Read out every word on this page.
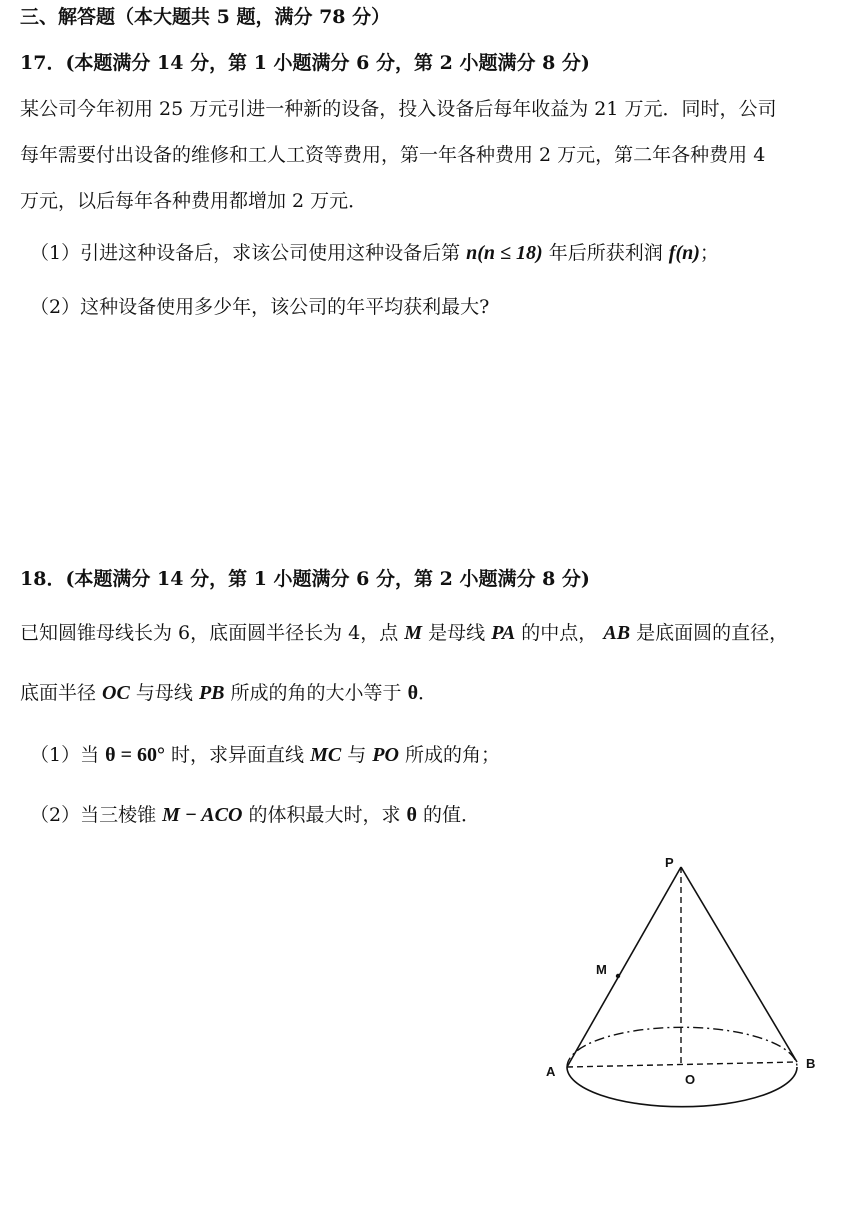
三、解答题（本大题共 5 题，满分 78 分）
17．(本题满分 14 分，第 1 小题满分 6 分，第 2 小题满分 8 分)
某公司今年初用 25 万元引进一种新的设备，投入设备后每年收益为 21 万元．同时，公司
每年需要付出设备的维修和工人工资等费用，第一年各种费用 2 万元，第二年各种费用 4
万元，以后每年各种费用都增加 2 万元．
（1）引进这种设备后，求该公司使用这种设备后第 n(n ≤ 18) 年后所获利润 f(n)；
（2）这种设备使用多少年，该公司的年平均获利最大?
18．(本题满分 14 分，第 1 小题满分 6 分，第 2 小题满分 8 分)
已知圆锥母线长为 6，底面圆半径长为 4，点 M 是母线 PA 的中点， AB 是底面圆的直径，
底面半径 OC 与母线 PB 所成的角的大小等于 θ．
（1）当 θ = 60° 时，求异面直线 MC 与 PO 所成的角；
（2）当三棱锥 M − ACO 的体积最大时，求 θ 的值．
P
M
A
B
O
